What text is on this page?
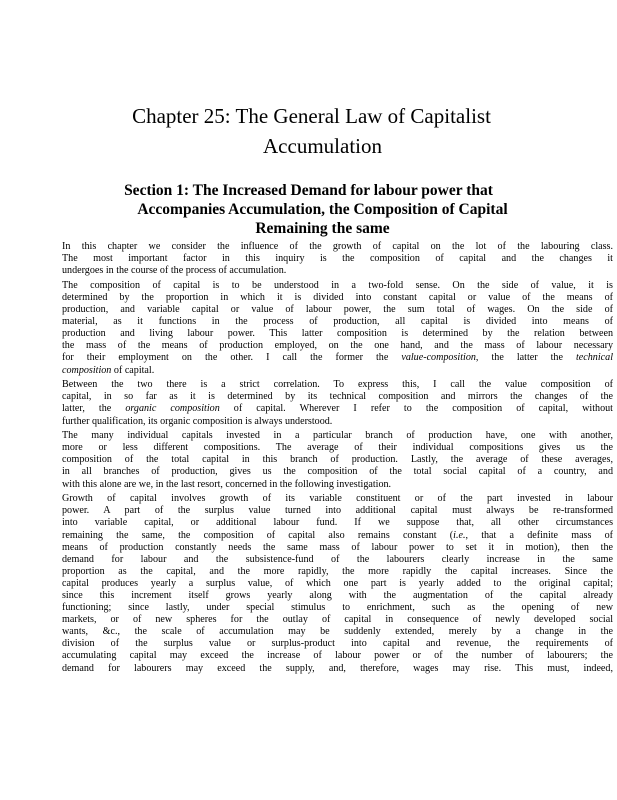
Chapter 25: The General Law of Capitalist
Accumulation
Section 1: The Increased Demand for labour power that
Accompanies Accumulation, the Composition of Capital
Remaining the same

In this chapter we consider the influence of the growth of capital on the lot of the labouring class.
The most important factor in this inquiry is the composition of capital and the changes it
undergoes in the course of the process of accumulation.

The composition of capital is to be understood in a two-fold sense. On the side of value, it is
determined by the proportion in which it is divided into constant capital or value of the means of
production, and variable capital or value of labour power, the sum total of wages. On the side of
material, as it functions in the process of production, all capital is divided into means of
production and living labour power. This latter composition is determined by the relation between
the mass of the means of production employed, on the one hand, and the mass of labour necessary
for their employment on the other. I call the former the value-composition, the latter the technical
composition of capital.

Between the two there is a strict correlation. To express this, I call the value composition of
capital, in so far as it is determined by its technical composition and mirrors the changes of the
latter, the organic composition of capital. Wherever I refer to the composition of capital, without
further qualification, its organic composition is always understood.

The many individual capitals invested in a particular branch of production have, one with another,
more or less different compositions. The average of their individual compositions gives us the
composition of the total capital in this branch of production. Lastly, the average of these averages,
in all branches of production, gives us the composition of the total social capital of a country, and
with this alone are we, in the last resort, concerned in the following investigation.

Growth of capital involves growth of its variable constituent or of the part invested in labour
power. A part of the surplus value turned into additional capital must always be re-transformed
into variable capital, or additional labour fund. If we suppose that, all other circumstances
remaining the same, the composition of capital also remains constant (i.e., that a definite mass of
means of production constantly needs the same mass of labour power to set it in motion), then the
demand for labour and the subsistence-fund of the labourers clearly increase in the same
proportion as the capital, and the more rapidly, the more rapidly the capital increases. Since the
capital produces yearly a surplus value, of which one part is yearly added to the original capital;
since this increment itself grows yearly along with the augmentation of the capital already
functioning; since lastly, under special stimulus to enrichment, such as the opening of new
markets, or of new spheres for the outlay of capital in consequence of newly developed social
wants, &c., the scale of accumulation may be suddenly extended, merely by a change in the
division of the surplus value or surplus-product into capital and revenue, the requirements of
accumulating capital may exceed the increase of labour power or of the number of labourers; the
demand for labourers may exceed the supply, and, therefore, wages may rise. This must, indeed,
